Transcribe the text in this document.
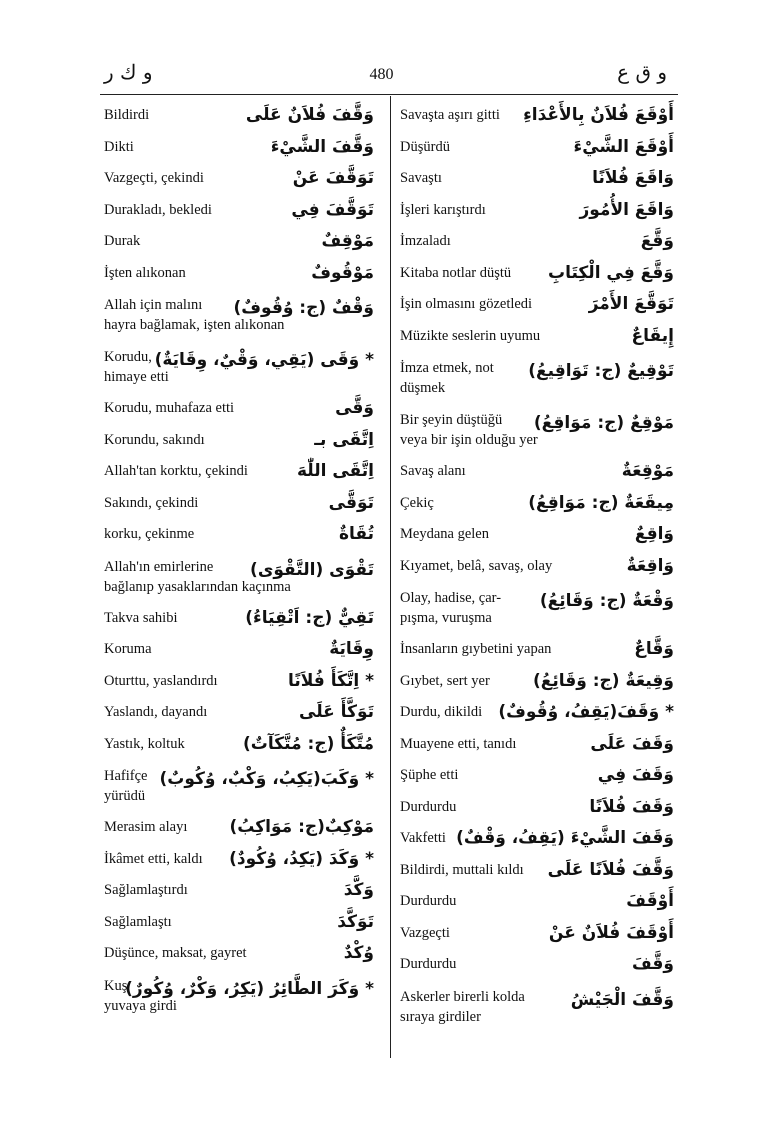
و ك ر	480	و ق ع
Bildirdi	وَقَّفَ فُلاَنٌ عَلَى
Dikti	وَقَّفَ الشَّيْءَ
Vazgeçti, çekindi	تَوَقَّفَ عَنْ
Durakladı, bekledi	تَوَقَّفَ فِي
Durak	مَوْقِفٌ
İşten alıkonan	مَوْقُوفٌ
Allah için malını
hayra bağlamak, işten alıkonan
وَقْفٌ (ج: وُقُوفٌ)
Korudu,
himaye etti
* وَقَى (يَقِي، وَقْيٌ، وِقَايَةٌ)
Korudu, muhafaza etti	وَقَّى
Korundu, sakındı	اِتَّقَى بـ
Allah'tan korktu, çekindi	اِتَّقَى اللّٰهَ
Sakındı, çekindi	تَوَقَّى
korku, çekinme	تُقَاةٌ
Allah'ın emirlerine
bağlanıp yasaklarından kaçınma
تَقْوَى (التَّقْوَى)
Takva sahibi	تَقِيٌّ (ج: اَتْقِيَاءُ)
Koruma	وِقَايَةٌ
Oturttu, yaslandırdı	* اِتَّكَأَ فُلاَنًا
Yaslandı, dayandı	تَوَكَّأَ عَلَى
Yastık, koltuk	مُتَّكَأٌ (ج: مُتَّكَآتٌ)
Hafifçe
yürüdü
* وَكَبَ(يَكِبُ، وَكْبٌ، وُكُوبٌ)
Merasim alayı	مَوْكِبٌ(ج: مَوَاكِبُ)
İkâmet etti, kaldı	* وَكَدَ (يَكِدُ، وُكُودٌ)
Sağlamlaştırdı	وَكَّدَ
Sağlamlaştı	تَوَكَّدَ
Düşünce, maksat, gayret	وُكْدٌ
Kuş
yuvaya girdi
* وَكَرَ الطَّائِرُ (يَكِرُ، وَكْرٌ، وُكُورٌ)
Savaşta aşırı gitti	أَوْقَعَ فُلاَنٌ بِالأَعْدَاءِ
Düşürdü	أَوْقَعَ الشَّيْءَ
Savaştı	وَاقَعَ فُلاَنًا
İşleri karıştırdı	وَاقَعَ الأُمُورَ
İmzaladı	وَقَّعَ
Kitaba notlar düştü	وَقَّعَ فِي الْكِتَابِ
İşin olmasını gözetledi	تَوَقَّعَ الأَمْرَ
Müzikte seslerin uyumu	إِيقَاعٌ
İmza etmek, not
düşmek
تَوْقِيعٌ (ج: تَوَاقِيعُ)
Bir şeyin düştüğü
veya bir işin olduğu yer
مَوْقِعٌ (ج: مَوَاقِعُ)
Savaş alanı	مَوْقِعَةٌ
Çekiç	مِيقَعَةٌ (ج: مَوَاقِعُ)
Meydana gelen	وَاقِعٌ
Kıyamet, belâ, savaş, olay	وَاقِعَةٌ
Olay, hadise, çar-
pışma, vuruşma
وَقْعَةٌ (ج: وَقَائِعُ)
İnsanların gıybetini yapan	وَقَّاعٌ
Gıybet, sert yer	وَقِيعَةٌ (ج: وَقَائِعُ)
Durdu, dikildi * وَقَفَ(يَقِفُ، وُقُوفٌ)
Muayene etti, tanıdı	وَقَفَ عَلَى
Şüphe etti	وَقَفَ فِي
Durdurdu	وَقَفَ فُلاَنًا
Vakfetti وَقَفَ الشَّيْءَ (يَقِفُ، وَقْفٌ)
Bildirdi, muttali kıldı	وَقَّفَ فُلاَنًا عَلَى
Durdurdu	أَوْقَفَ
Vazgeçti	أَوْقَفَ فُلاَنٌ عَنْ
Durdurdu	وَقَّفَ
Askerler birerli kolda
sıraya girdiler
وَقَّفَ الْجَيْشُ
